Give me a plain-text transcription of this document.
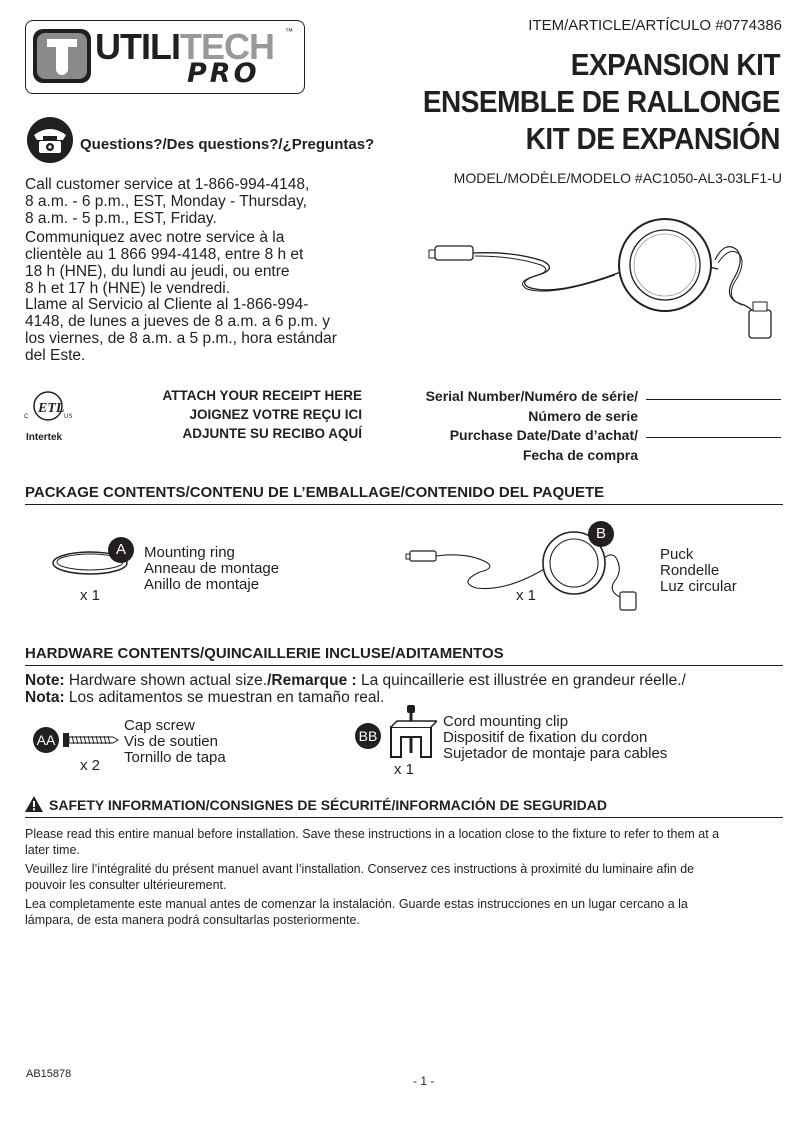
UTILITECH ™
PRO
ITEM/ARTICLE/ARTÍCULO #0774386
EXPANSION KIT
ENSEMBLE DE RALLONGE
KIT DE EXPANSIÓN
MODEL/MODÈLE/MODELO #AC1050-AL3-03LF1-U
Questions?/Des questions?/¿Preguntas?
Call customer service at 1-866-994-4148,
8 a.m. - 6 p.m., EST, Monday - Thursday,
8 a.m. - 5 p.m., EST, Friday.
Communiquez avec notre service à la
clientèle au 1 866 994-4148, entre 8 h et
18 h (HNE), du lundi au jeudi, ou entre
8 h et 17 h (HNE) le vendredi.
Llame al Servicio al Cliente al 1-866-994-
4148, de lunes a jueves de 8 a.m. a 6 p.m. y
los viernes, de 8 a.m. a 5 p.m., hora estándar
del Este.
ETL
C	US
Intertek
ATTACH YOUR RECEIPT HERE
JOIGNEZ VOTRE REÇU ICI
ADJUNTE SU RECIBO AQUÍ
Serial Number/Numéro de série/
Número de serie
Purchase Date/Date d’achat/
Fecha de compra
PACKAGE CONTENTS/CONTENU DE L’EMBALLAGE/CONTENIDO DEL PAQUETE
A
x 1
Mounting ring
Anneau de montage
Anillo de montaje
B
x 1
Puck
Rondelle
Luz circular
HARDWARE CONTENTS/QUINCAILLERIE INCLUSE/ADITAMENTOS
Note: Hardware shown actual size./Remarque : La quincaillerie est illustrée en grandeur réelle./
Nota: Los aditamentos se muestran en tamaño real.
AA
x 2
Cap screw
Vis de soutien
Tornillo de tapa
BB
x 1
Cord mounting clip
Dispositif de fixation du cordon
Sujetador de montaje para cables
SAFETY INFORMATION/CONSIGNES DE SÉCURITÉ/INFORMACIÓN DE SEGURIDAD
Please read this entire manual before installation. Save these instructions in a location close to the fixture to refer to them at a
later time.
Veuillez lire l’intégralité du présent manuel avant l’installation. Conservez ces instructions à proximité du luminaire afin de
pouvoir les consulter ultérieurement.
Lea completamente este manual antes de comenzar la instalación. Guarde estas instrucciones en un lugar cercano a la
lámpara, de esta manera podrá consultarlas posteriormente.
AB15878	- 1 -
